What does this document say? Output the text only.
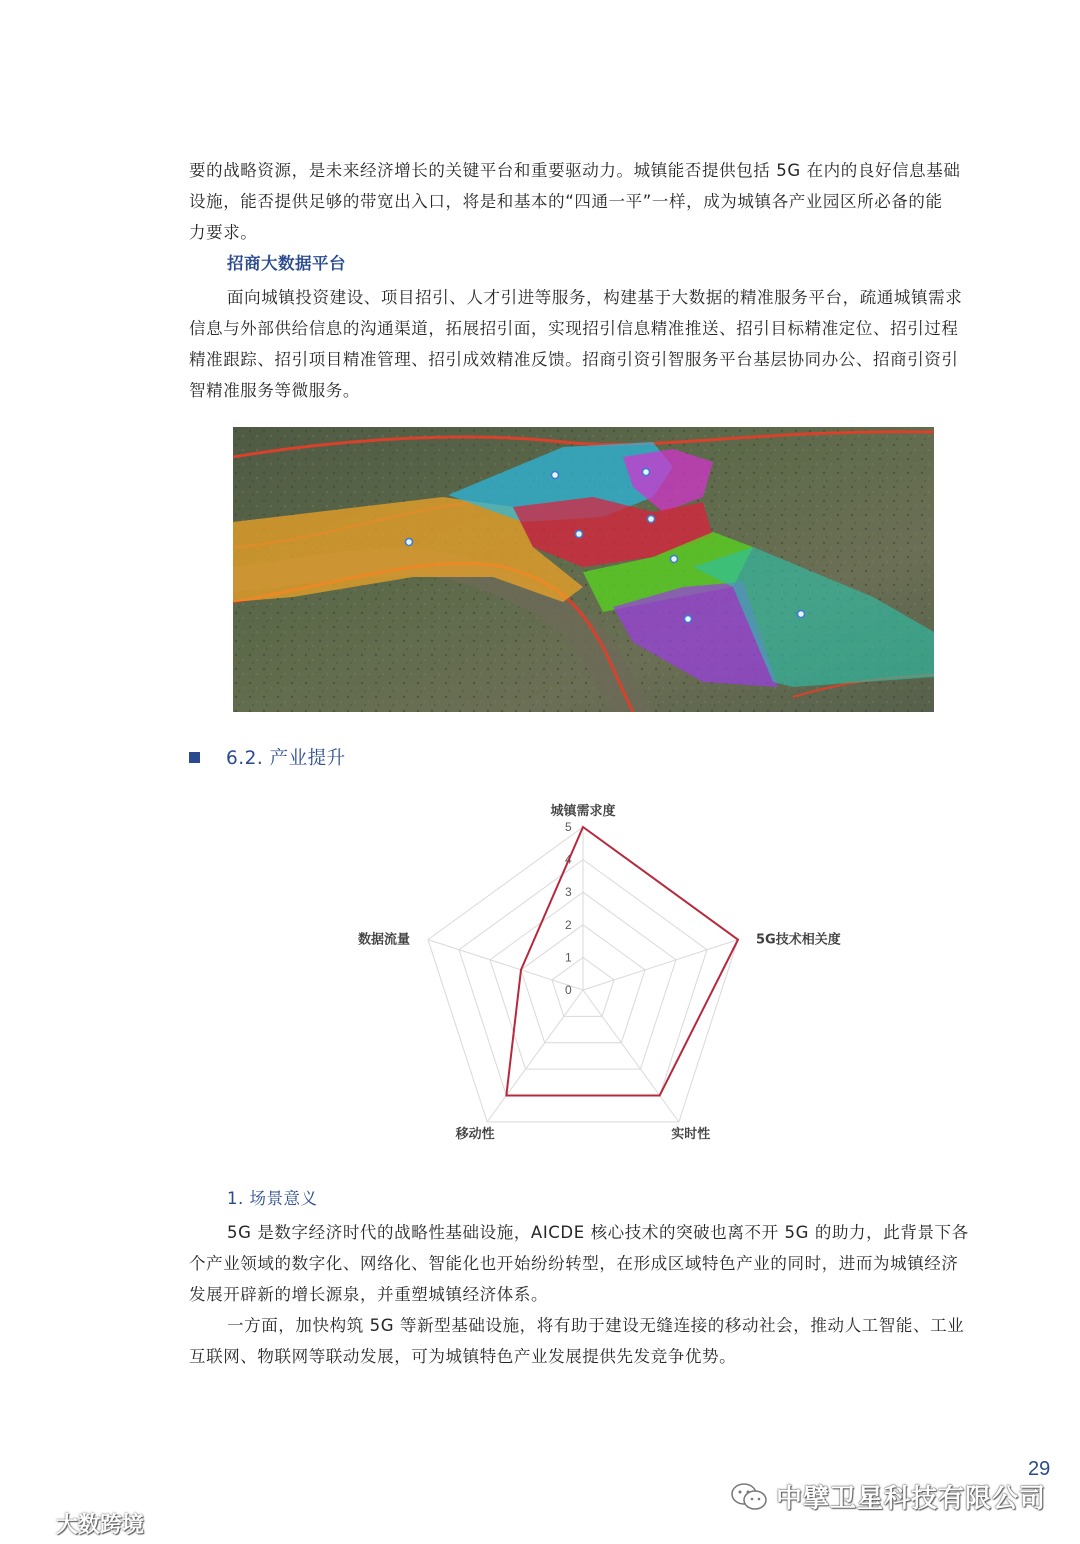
要的战略资源，是未来经济增长的关键平台和重要驱动力。城镇能否提供包括 5G 在内的良好信息基础
设施，能否提供足够的带宽出入口，将是和基本的“四通一平”一样，成为城镇各产业园区所必备的能
力要求。

招商大数据平台

面向城镇投资建设、项目招引、人才引进等服务，构建基于大数据的精准服务平台，疏通城镇需求
信息与外部供给信息的沟通渠道，拓展招引面，实现招引信息精准推送、招引目标精准定位、招引过程
精准跟踪、招引项目精准管理、招引成效精准反馈。招商引资引智服务平台基层协同办公、招商引资引
智精准服务等微服务。

6.2. 产业提升
0
1
2
3
4
5
城镇需求度
5G技术相关度
实时性
移动性
数据流量
1. 场景意义

5G 是数字经济时代的战略性基础设施，AICDE 核心技术的突破也离不开 5G 的助力，此背景下各
个产业领域的数字化、网络化、智能化也开始纷纷转型，在形成区域特色产业的同时，进而为城镇经济
发展开辟新的增长源泉，并重塑城镇经济体系。

一方面，加快构筑 5G 等新型基础设施，将有助于建设无缝连接的移动社会，推动人工智能、工业
互联网、物联网等联动发展，可为城镇特色产业发展提供先发竞争优势。

29
中擘卫星科技有限公司
大数跨境
